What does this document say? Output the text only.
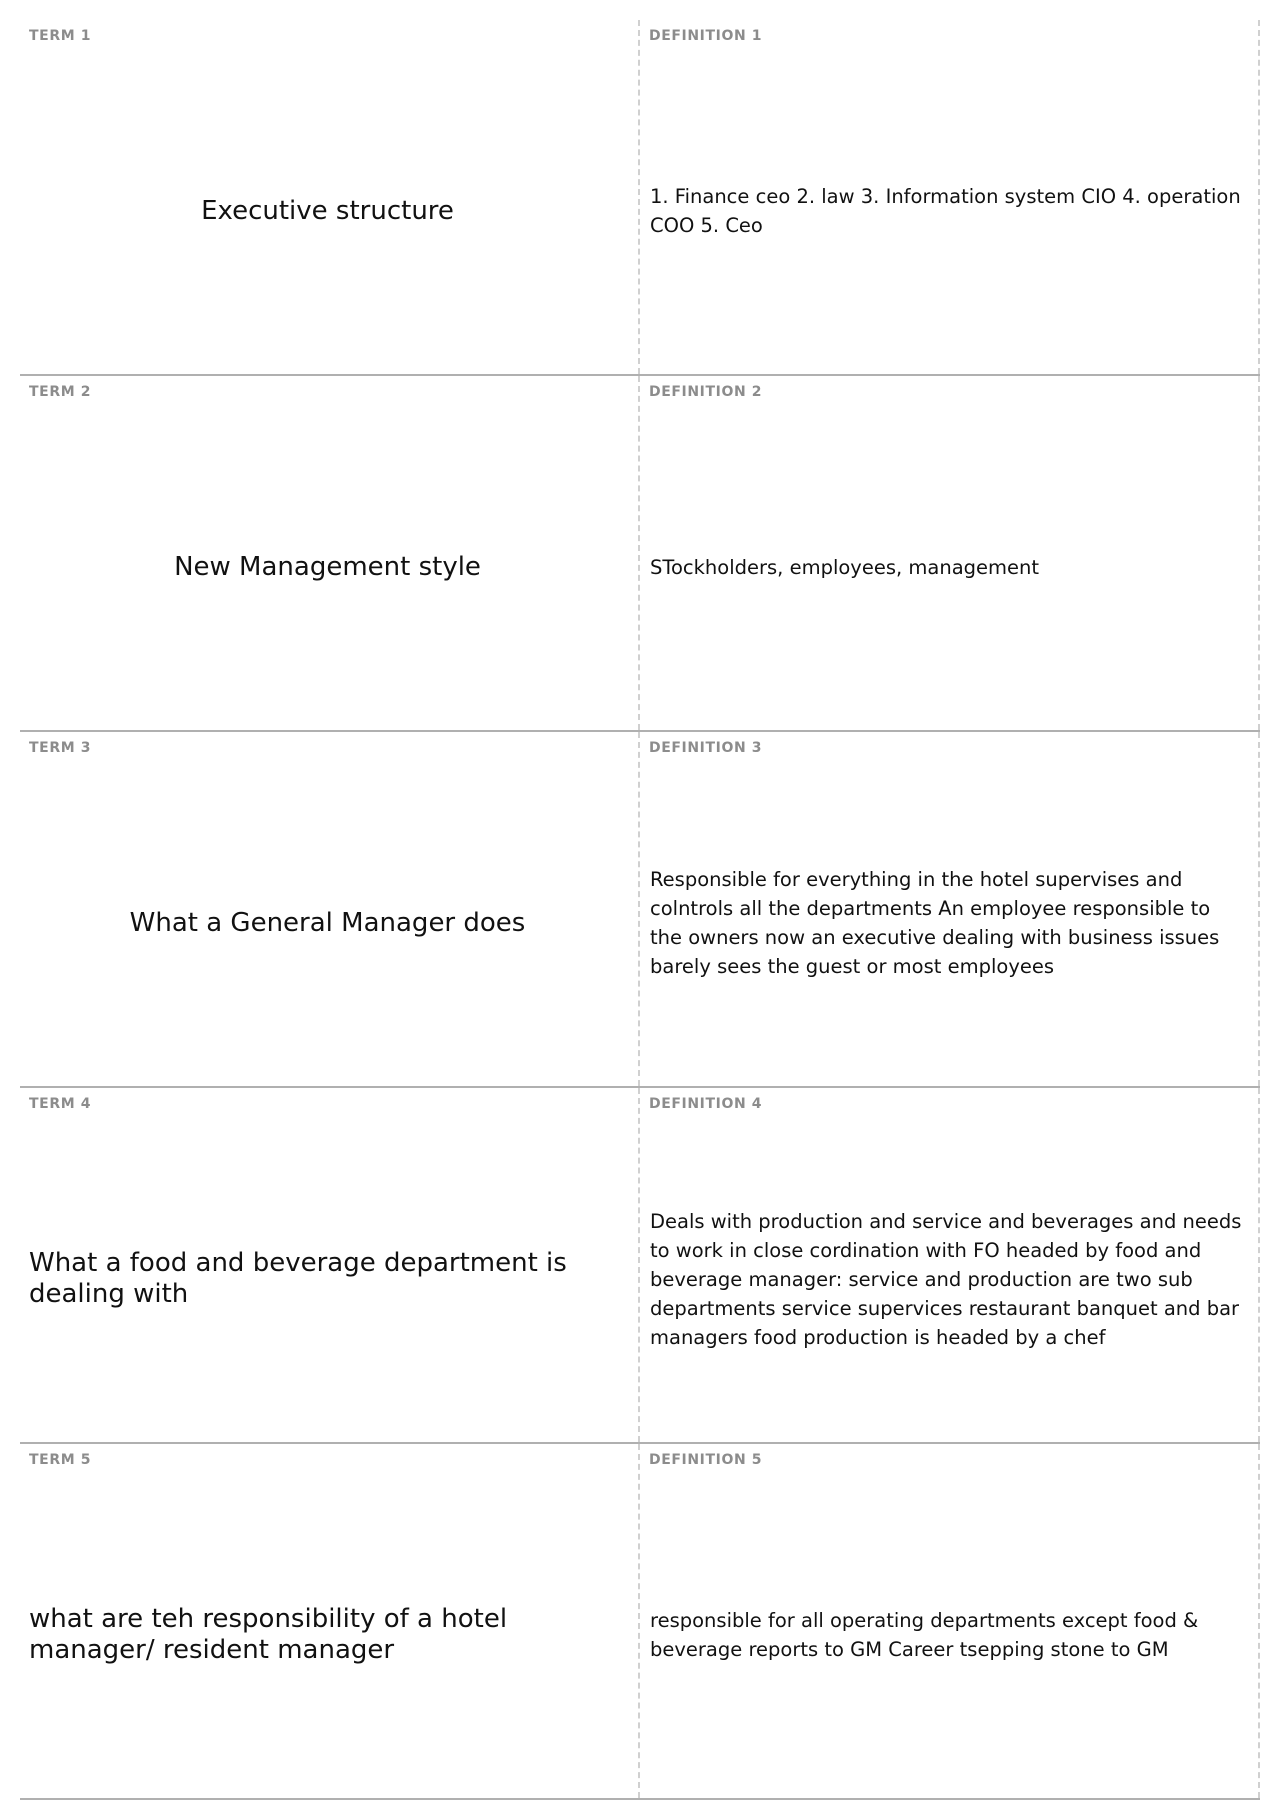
TERM 1
Executive structure
DEFINITION 1
1. Finance ceo 2. law 3. Information system CIO 4. operation COO 5. Ceo
TERM 2
New Management style
DEFINITION 2
STockholders, employees, management
TERM 3
What a General Manager does
DEFINITION 3
Responsible for everything in the hotel supervises and colntrols all the departments An employee responsible to the owners now an executive dealing with business issues barely sees the guest or most employees
TERM 4
What a food and beverage department is dealing with
DEFINITION 4
Deals with production and service and beverages and needs to work in close cordination with FO headed by food and beverage manager: service and production are two sub departments service supervices restaurant banquet and bar managers food production is headed by a chef
TERM 5
what are teh responsibility of a hotel manager/ resident manager
DEFINITION 5
responsible for all operating departments except food & beverage reports to GM Career tsepping stone to GM
